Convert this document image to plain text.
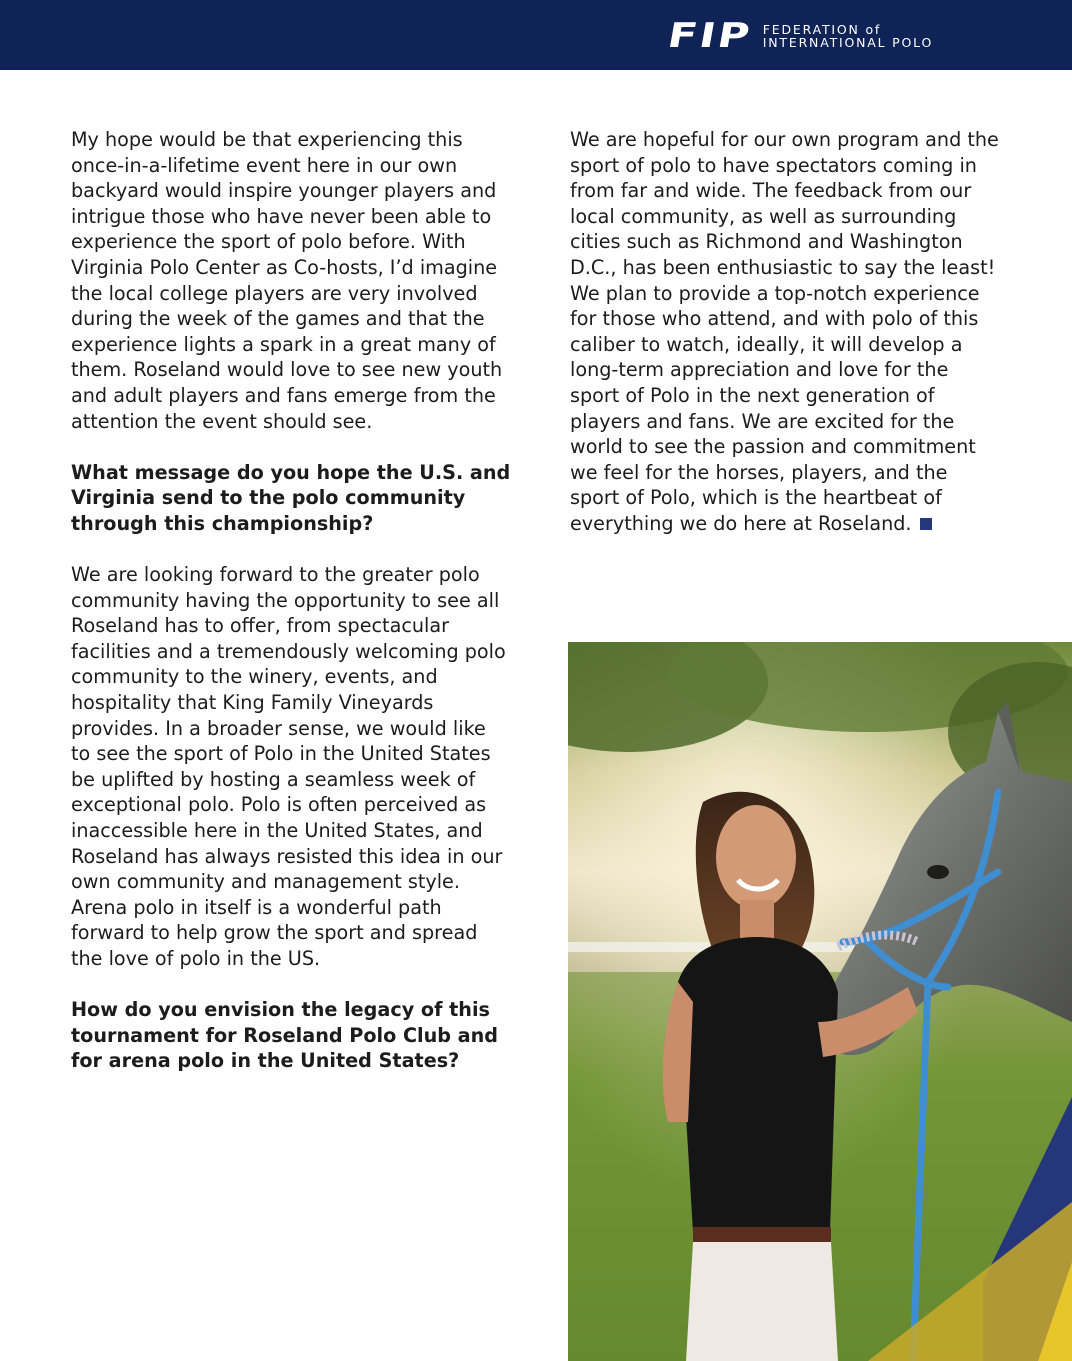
FIP FEDERATION of
INTERNATIONAL POLO

My hope would be that experiencing this once-in-a-lifetime event here in our own backyard would inspire younger players and intrigue those who have never been able to experience the sport of polo before. With Virginia Polo Center as Co-hosts, I’d imagine the local college players are very involved during the week of the games and that the experience lights a spark in a great many of them. Roseland would love to see new youth and adult players and fans emerge from the attention the event should see.

What message do you hope the U.S. and Virginia send to the polo community through this championship?

We are looking forward to the greater polo community having the opportunity to see all Roseland has to offer, from spectacular facilities and a tremendously welcoming polo community to the winery, events, and hospitality that King Family Vineyards provides. In a broader sense, we would like to see the sport of Polo in the United States be uplifted by hosting a seamless week of exceptional polo. Polo is often perceived as inaccessible here in the United States, and Roseland has always resisted this idea in our own community and management style. Arena polo in itself is a wonderful path forward to help grow the sport and spread the love of polo in the US.

How do you envision the legacy of this tournament for Roseland Polo Club and for arena polo in the United States?

We are hopeful for our own program and the sport of polo to have spectators coming in from far and wide. The feedback from our local community, as well as surrounding cities such as Richmond and Washington D.C., has been enthusiastic to say the least! We plan to provide a top-notch experience for those who attend, and with polo of this caliber to watch, ideally, it will develop a long-term appreciation and love for the sport of Polo in the next generation of players and fans. We are excited for the world to see the passion and commitment we feel for the horses, players, and the sport of Polo, which is the heartbeat of everything we do here at Roseland.
